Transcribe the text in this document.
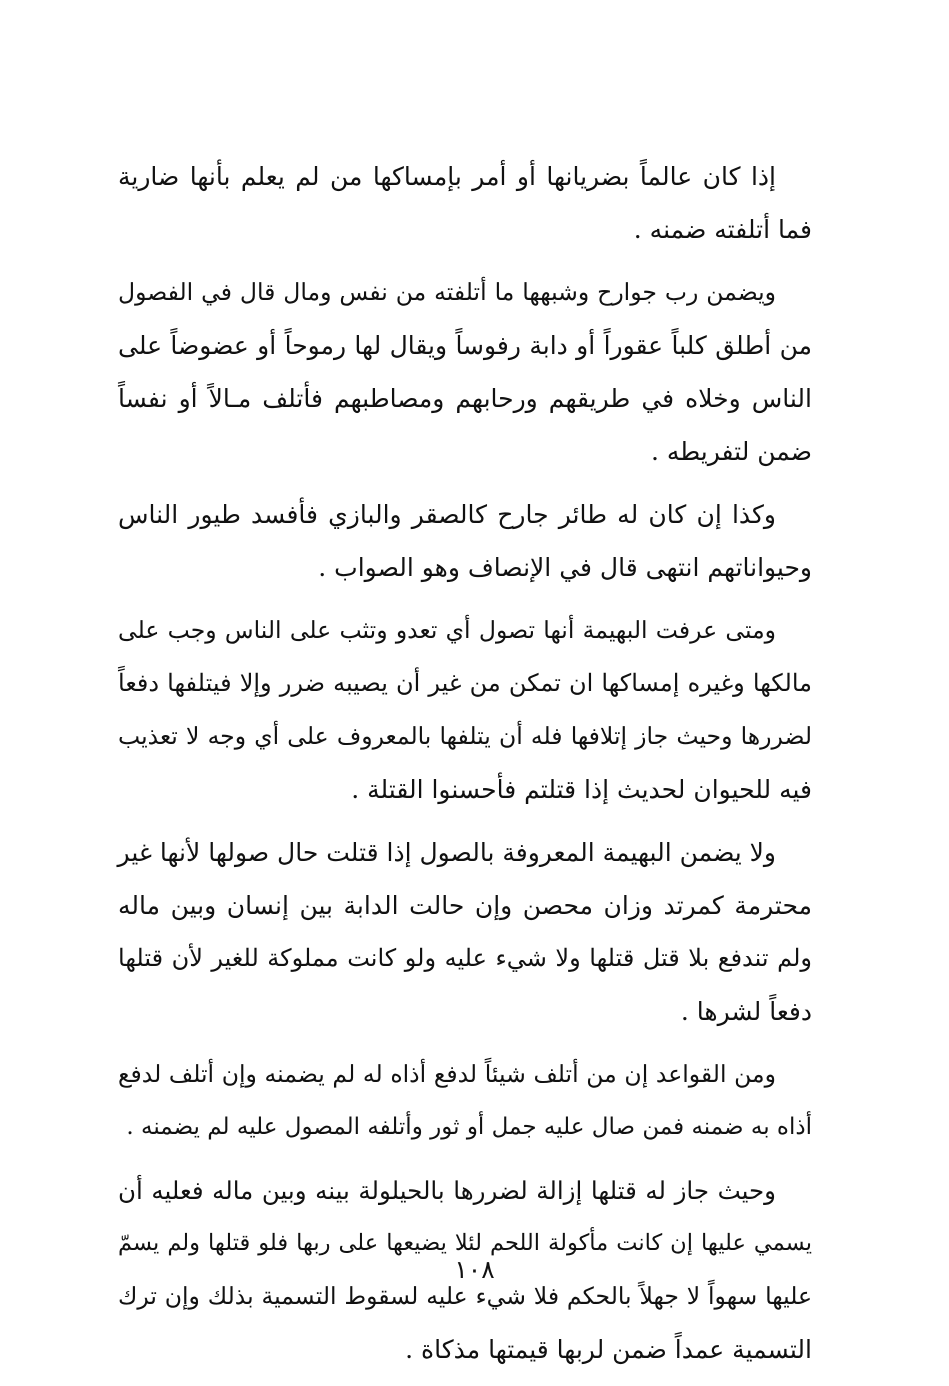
إذا كان عالماً بضريانها أو أمر بإمساكها من لم يعلم بأنها ضارية
فما أتلفته ضمنه .
ويضمن رب جوارح وشبهها ما أتلفته من نفس ومال قال في الفصول
من أطلق كلباً عقوراً أو دابة رفوساً ويقال لها رموحاً أو عضوضاً على
الناس وخلاه في طريقهم ورحابهم ومصاطبهم فأتلف مـالاً أو نفساً
ضمن لتفريطه .
وكذا إن كان له طائر جارح كالصقر والبازي فأفسد طيور الناس
وحيواناتهم انتهى قال في الإنصاف وهو الصواب .
ومتى عرفت البهيمة أنها تصول أي تعدو وتثب على الناس وجب على
مالكها وغيره إمساكها ان تمكن من غير أن يصيبه ضرر وإلا فيتلفها دفعاً
لضررها وحيث جاز إتلافها فله أن يتلفها بالمعروف على أي وجه لا تعذيب
فيه للحيوان لحديث إذا قتلتم فأحسنوا القتلة .
ولا يضمن البهيمة المعروفة بالصول إذا قتلت حال صولها لأنها غير
محترمة كمرتد وزان محصن وإن حالت الدابة بين إنسان وبين ماله
ولم تندفع بلا قتل قتلها ولا شيء عليه ولو كانت مملوكة للغير لأن قتلها
دفعاً لشرها .
ومن القواعد إن من أتلف شيئاً لدفع أذاه له لم يضمنه وإن أتلف لدفع
أذاه به ضمنه فمن صال عليه جمل أو ثور وأتلفه المصول عليه لم يضمنه .
وحيث جاز له قتلها إزالة لضررها بالحيلولة بينه وبين ماله فعليه أن
يسمي عليها إن كانت مأكولة اللحم لئلا يضيعها على ربها فلو قتلها ولم يسمّ
عليها سهواً لا جهلاً بالحكم فلا شيء عليه لسقوط التسمية بذلك وإن ترك
التسمية عمداً ضمن لربها قيمتها مذكاة .
١٠٨
